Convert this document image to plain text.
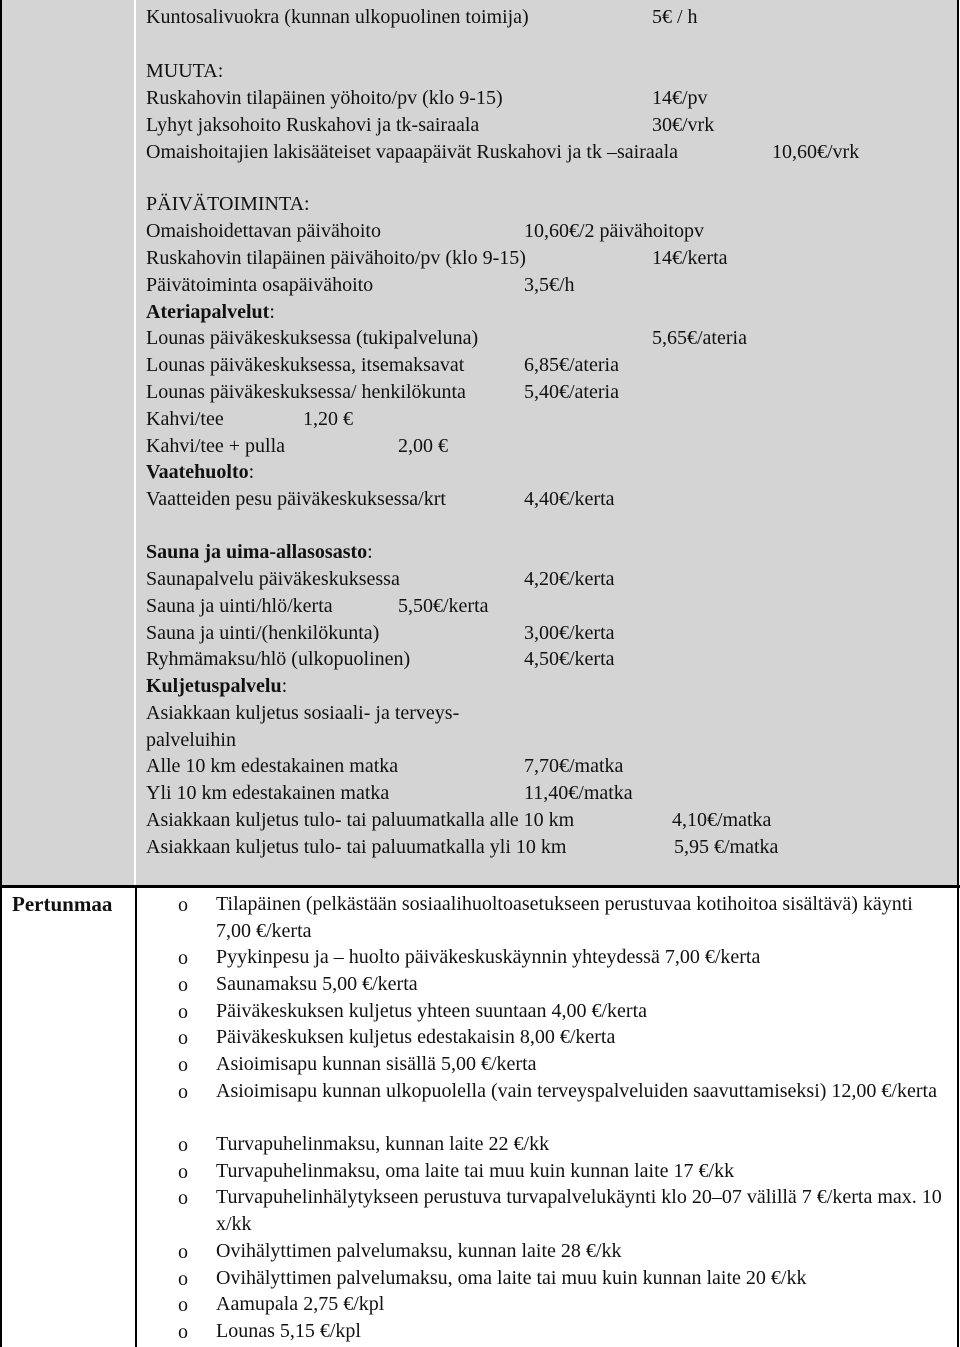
Kuntosalivuokra (kunnan ulkopuolinen toimija)	5€ / h
MUUTA:
Ruskahovin tilapäinen yöhoito/pv (klo 9-15)	14€/pv
Lyhyt jaksohoito Ruskahovi ja tk-sairaala	30€/vrk
Omaishoitajien lakisääteiset vapaapäivät Ruskahovi ja tk –sairaala	10,60€/vrk
PÄIVÄTOIMINTA:
Omaishoidettavan päivähoito	10,60€/2 päivähoitopv
Ruskahovin tilapäinen päivähoito/pv (klo 9-15)	14€/kerta
Päivätoiminta osapäivähoito	3,5€/h
Ateriapalvelut:
Lounas päiväkeskuksessa (tukipalveluna)	5,65€/ateria
Lounas päiväkeskuksessa, itsemaksavat	6,85€/ateria
Lounas päiväkeskuksessa/ henkilökunta	5,40€/ateria
Kahvi/tee	1,20 €
Kahvi/tee + pulla	2,00 €
Vaatehuolto:
Vaatteiden pesu päiväkeskuksessa/krt	4,40€/kerta
Sauna ja uima-allasosasto:
Saunapalvelu päiväkeskuksessa	4,20€/kerta
Sauna ja uinti/hlö/kerta	5,50€/kerta
Sauna ja uinti/(henkilökunta)	3,00€/kerta
Ryhmämaksu/hlö (ulkopuolinen)	4,50€/kerta
Kuljetuspalvelu:
Asiakkaan kuljetus sosiaali- ja terveys-
palveluihin
Alle 10 km edestakainen matka	7,70€/matka
Yli 10 km edestakainen matka	11,40€/matka
Asiakkaan kuljetus tulo- tai paluumatkalla alle 10 km	4,10€/matka
Asiakkaan kuljetus tulo- tai paluumatkalla yli 10 km	5,95 €/matka
Pertunmaa	o Tilapäinen (pelkästään sosiaalihuoltoasetukseen perustuvaa kotihoitoa sisältävä) käynti 7,00 €/kerta
o Pyykinpesu ja – huolto päiväkeskuskäynnin yhteydessä 7,00 €/kerta
o Saunamaksu 5,00 €/kerta
o Päiväkeskuksen kuljetus yhteen suuntaan 4,00 €/kerta
o Päiväkeskuksen kuljetus edestakaisin 8,00 €/kerta
o Asioimisapu kunnan sisällä 5,00 €/kerta
o Asioimisapu kunnan ulkopuolella (vain terveyspalveluiden saavuttamiseksi) 12,00 €/kerta
o Turvapuhelinmaksu, kunnan laite 22 €/kk
o Turvapuhelinmaksu, oma laite tai muu kuin kunnan laite 17 €/kk
o Turvapuhelinhälytykseen perustuva turvapalvelukäynti klo 20–07 välillä 7 €/kerta max. 10 x/kk
o Ovihälyttimen palvelumaksu, kunnan laite 28 €/kk
o Ovihälyttimen palvelumaksu, oma laite tai muu kuin kunnan laite 20 €/kk
o Aamupala 2,75 €/kpl
o Lounas 5,15 €/kpl
